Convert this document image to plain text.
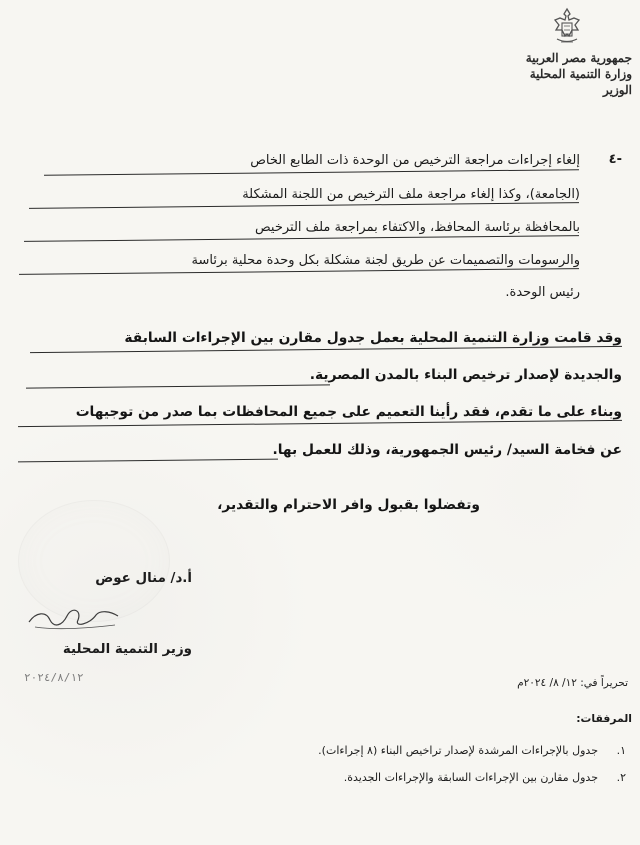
جمهورية مصر العربية
وزارة التنمية المحلية
الوزير
٤-
إلغاء إجراءات مراجعة الترخيص من الوحدة ذات الطابع الخاص
(الجامعة)، وكذا إلغاء مراجعة ملف الترخيص من اللجنة المشكلة
بالمحافظة برئاسة المحافظ، والاكتفاء بمراجعة ملف الترخيص
والرسومات والتصميمات عن طريق لجنة مشكلة بكل وحدة محلية برئاسة
رئيس الوحدة.
وقد قامت وزارة التنمية المحلية بعمل جدول مقارن بين الإجراءات السابقة
والجديدة لإصدار ترخيص البناء بالمدن المصرية.
وبناء على ما تقدم، فقد رأينا التعميم على جميع المحافظات بما صدر من توجيهات
عن فخامة السيد/ رئيس الجمهورية، وذلك للعمل بها.
وتفضلوا بقبول وافر الاحترام والتقدير،
أ.د/ منال عوض
وزير التنمية المحلية
٢٠٢٤/٨/١٢	تحريراً في: ١٢/ ٨/ ٢٠٢٤م
المرفقات:
١.
جدول بالإجراءات المرشدة لإصدار تراخيص البناء (٨ إجراءات).
٢.
جدول مقارن بين الإجراءات السابقة والإجراءات الجديدة.
